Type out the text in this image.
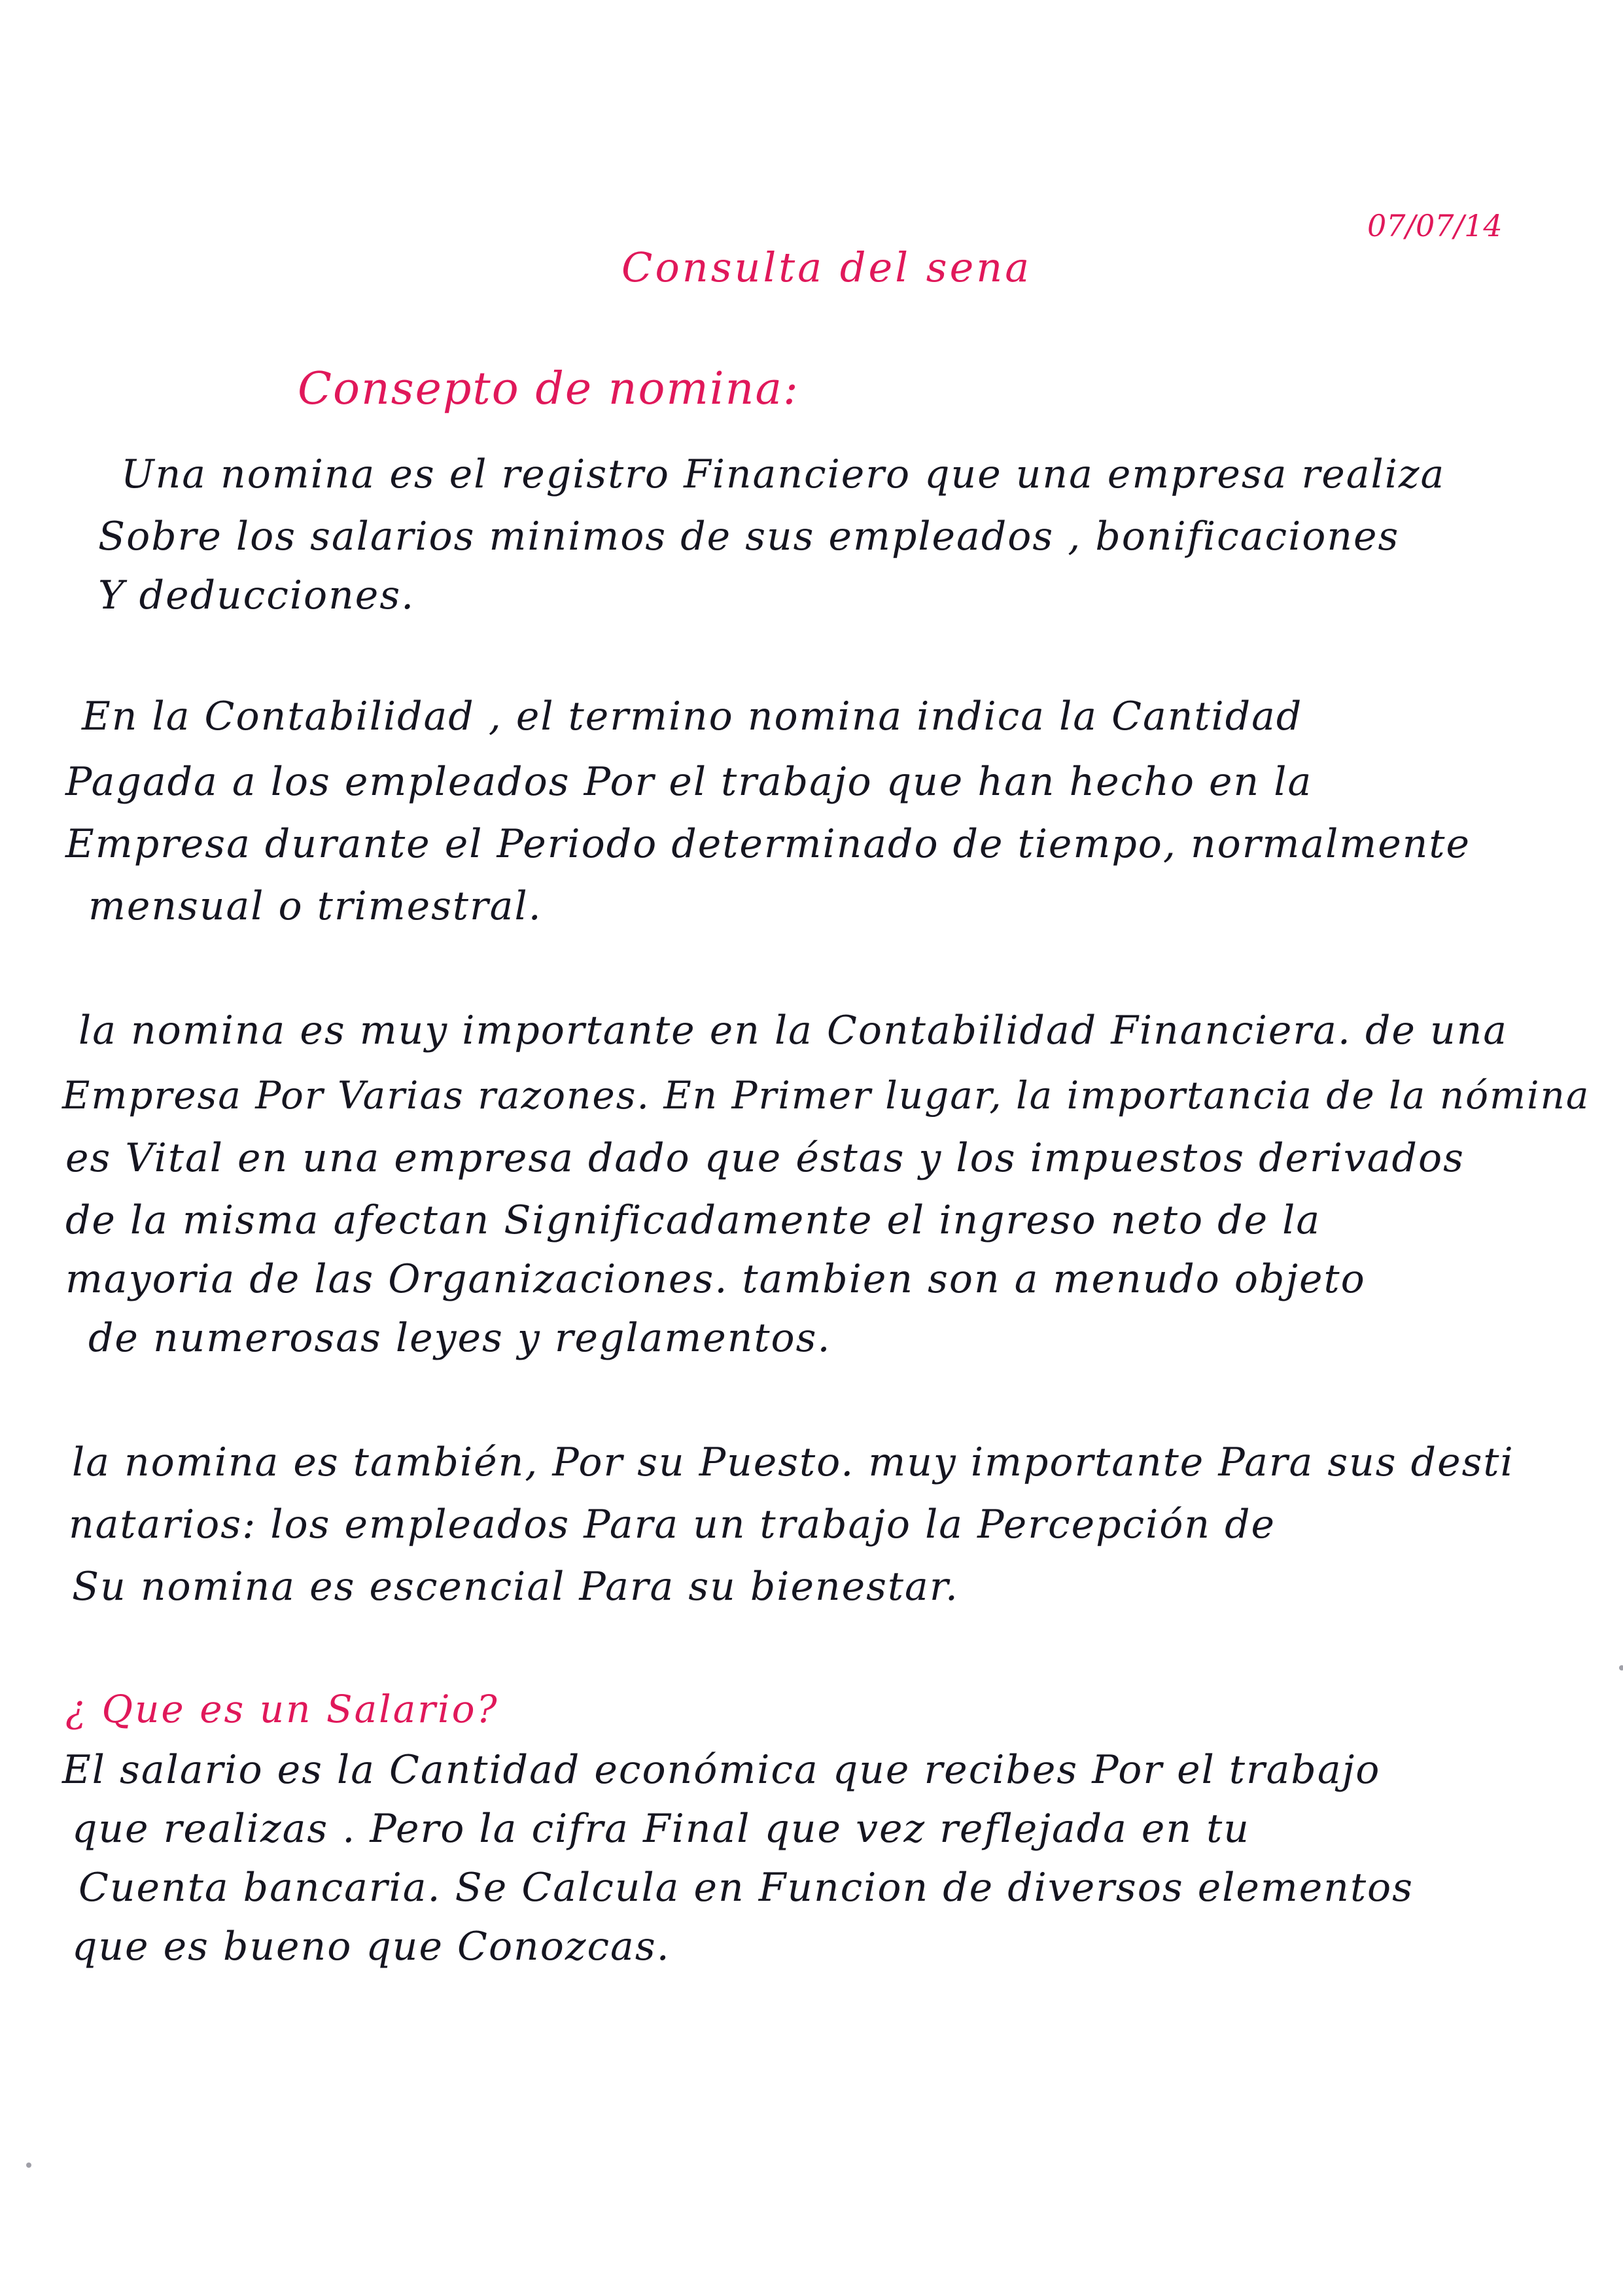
07/07/14
Consulta del sena
Consepto de nomina:
Una nomina es el registro Financiero que una empresa realiza
Sobre los salarios minimos de sus empleados , bonificaciones
Y deducciones.
En la Contabilidad , el termino nomina indica la Cantidad
Pagada a los empleados Por el trabajo que han hecho en la
Empresa durante el Periodo determinado de tiempo, normalmente
mensual o trimestral.
la nomina es muy importante en la Contabilidad Financiera. de una
Empresa Por Varias razones. En Primer lugar, la importancia de la nómina
es Vital en una empresa dado que éstas y los impuestos derivados
de la misma afectan Significadamente el ingreso neto de la
mayoria de las Organizaciones. tambien son a menudo objeto
de numerosas leyes y reglamentos.
la nomina es también, Por su Puesto. muy importante Para sus desti
natarios: los empleados Para un trabajo la Percepción de
Su nomina es escencial Para su bienestar.
¿ Que es un Salario?
El salario es la Cantidad económica que recibes Por el trabajo
que realizas . Pero la cifra Final que vez reflejada en tu
Cuenta bancaria. Se Calcula en Funcion de diversos elementos
que es bueno que Conozcas.
